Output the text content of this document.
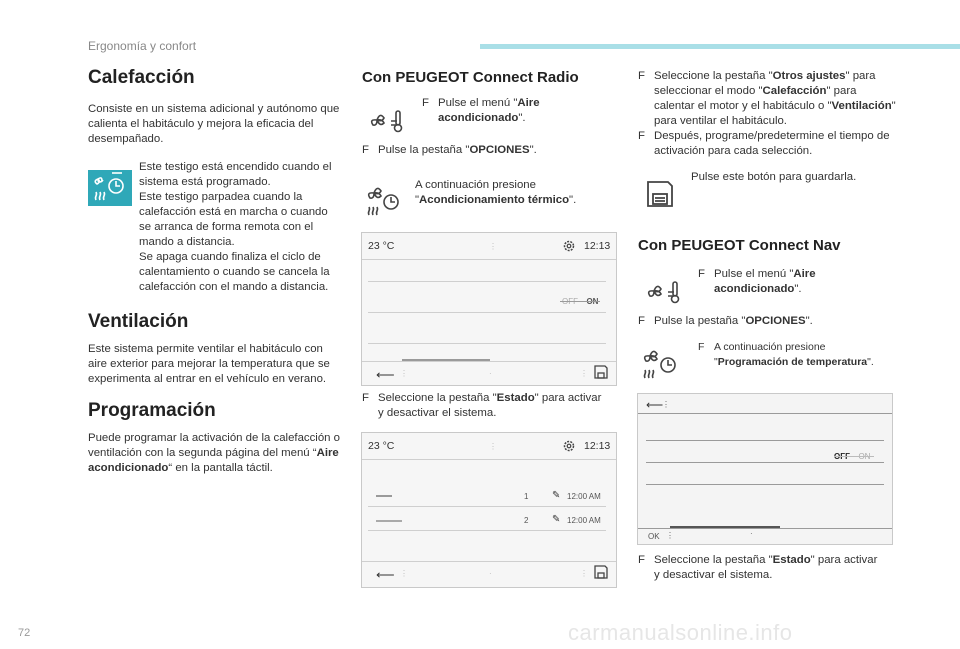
Ergonomía y confort
Calefacción
Consiste en un sistema adicional y autónomo que calienta el habitáculo y mejora la eficacia del desempañado.
Este testigo está encendido cuando el
sistema está programado.
Este testigo parpadea cuando la
calefacción está en marcha o cuando
se arranca de forma remota con el
mando a distancia.
Se apaga cuando finaliza el ciclo de
calentamiento o cuando se cancela la
calefacción con el mando a distancia.
Ventilación
Este sistema permite ventilar el habitáculo con aire exterior para mejorar la temperatura que se experimenta al entrar en el vehículo en verano.
Programación
Puede programar la activación de la calefacción o ventilación con la segunda página del menú “Aire acondicionado“ en la pantalla táctil.
Con PEUGEOT Connect Radio
F Pulse el menú "Aire acondicionado".
F Pulse la pestaña "OPCIONES".
A continuación presione "Acondicionamiento térmico".
23 °C	⋮	12:13
⟵ ⋮	·	⋮
F Seleccione la pestaña "Estado" para activar y desactivar el sistema.
23 °C	⋮	12:13
1 ✎ 12:00 AM
2 ✎ 12:00 AM
⟵ ⋮	·	⋮
F Seleccione la pestaña "Otros ajustes" para seleccionar el modo "Calefacción" para calentar el motor y el habitáculo o "Ventilación" para ventilar el habitáculo.
F Después, programe/predetermine el tiempo de activación para cada selección.
Pulse este botón para guardarla.
Con PEUGEOT Connect Nav
F Pulse el menú "Aire acondicionado".
F Pulse la pestaña "OPCIONES".
F A continuación presione "Programación de temperatura".
⟵
⋮
OK ⋮	·
F Seleccione la pestaña "Estado" para activar y desactivar el sistema.
72	carmanualsonline.info
